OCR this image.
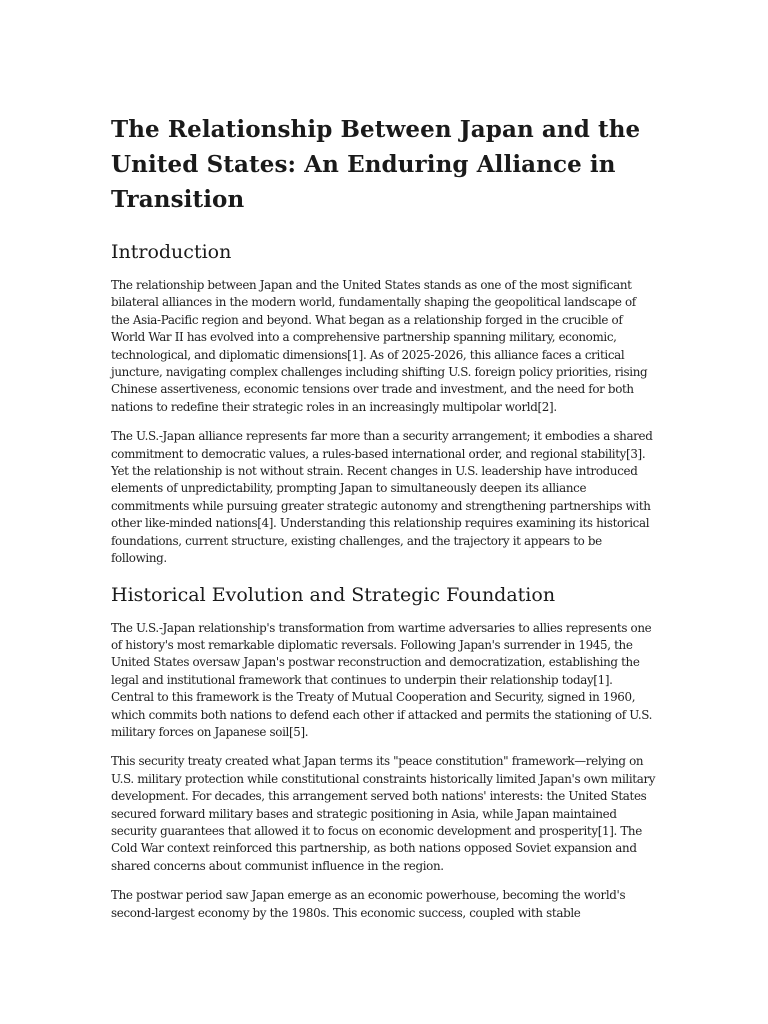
The Relationship Between Japan and the United States: An Enduring Alliance in Transition
Introduction

The relationship between Japan and the United States stands as one of the most significant bilateral alliances in the modern world, fundamentally shaping the geopolitical landscape of the Asia-Pacific region and beyond. What began as a relationship forged in the crucible of World War II has evolved into a comprehensive partnership spanning military, economic, technological, and diplomatic dimensions[1]. As of 2025-2026, this alliance faces a critical juncture, navigating complex challenges including shifting U.S. foreign policy priorities, rising Chinese assertiveness, economic tensions over trade and investment, and the need for both nations to redefine their strategic roles in an increasingly multipolar world[2].

The U.S.-Japan alliance represents far more than a security arrangement; it embodies a shared commitment to democratic values, a rules-based international order, and regional stability[3]. Yet the relationship is not without strain. Recent changes in U.S. leadership have introduced elements of unpredictability, prompting Japan to simultaneously deepen its alliance commitments while pursuing greater strategic autonomy and strengthening partnerships with other like-minded nations[4]. Understanding this relationship requires examining its historical foundations, current structure, existing challenges, and the trajectory it appears to be following.

Historical Evolution and Strategic Foundation

The U.S.-Japan relationship's transformation from wartime adversaries to allies represents one of history's most remarkable diplomatic reversals. Following Japan's surrender in 1945, the United States oversaw Japan's postwar reconstruction and democratization, establishing the legal and institutional framework that continues to underpin their relationship today[1]. Central to this framework is the Treaty of Mutual Cooperation and Security, signed in 1960, which commits both nations to defend each other if attacked and permits the stationing of U.S. military forces on Japanese soil[5].

This security treaty created what Japan terms its "peace constitution" framework—relying on U.S. military protection while constitutional constraints historically limited Japan's own military development. For decades, this arrangement served both nations' interests: the United States secured forward military bases and strategic positioning in Asia, while Japan maintained security guarantees that allowed it to focus on economic development and prosperity[1]. The Cold War context reinforced this partnership, as both nations opposed Soviet expansion and shared concerns about communist influence in the region.

The postwar period saw Japan emerge as an economic powerhouse, becoming the world's second-largest economy by the 1980s. This economic success, coupled with stable
